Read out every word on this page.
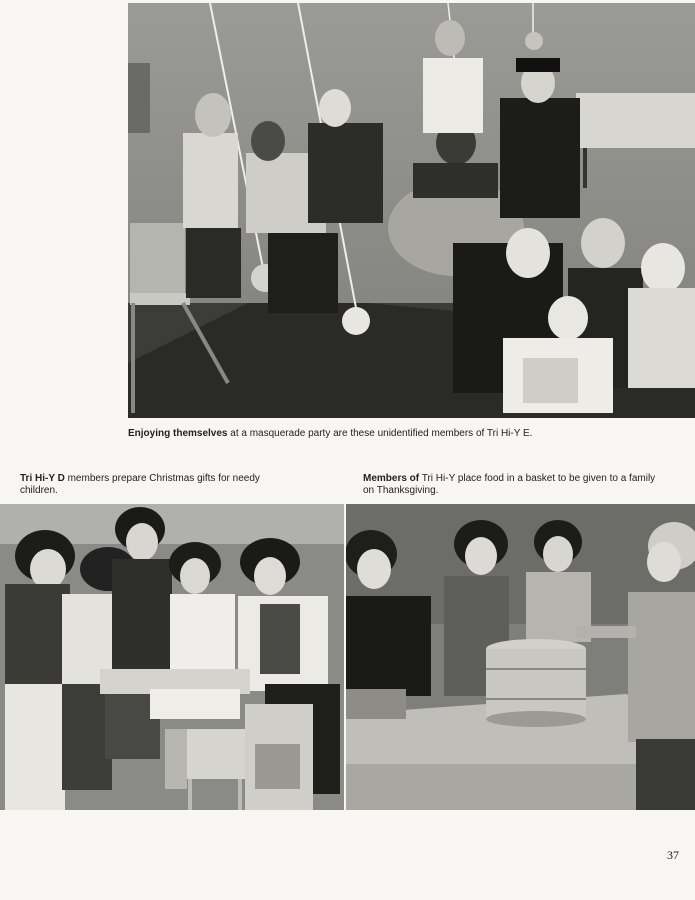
Enjoying themselves at a masquerade party are these unidentified members of Tri Hi-Y E.
Tri Hi-Y D members prepare Christmas gifts for needy children.
Members of Tri Hi-Y place food in a basket to be given to a family on Thanksgiving.
37
